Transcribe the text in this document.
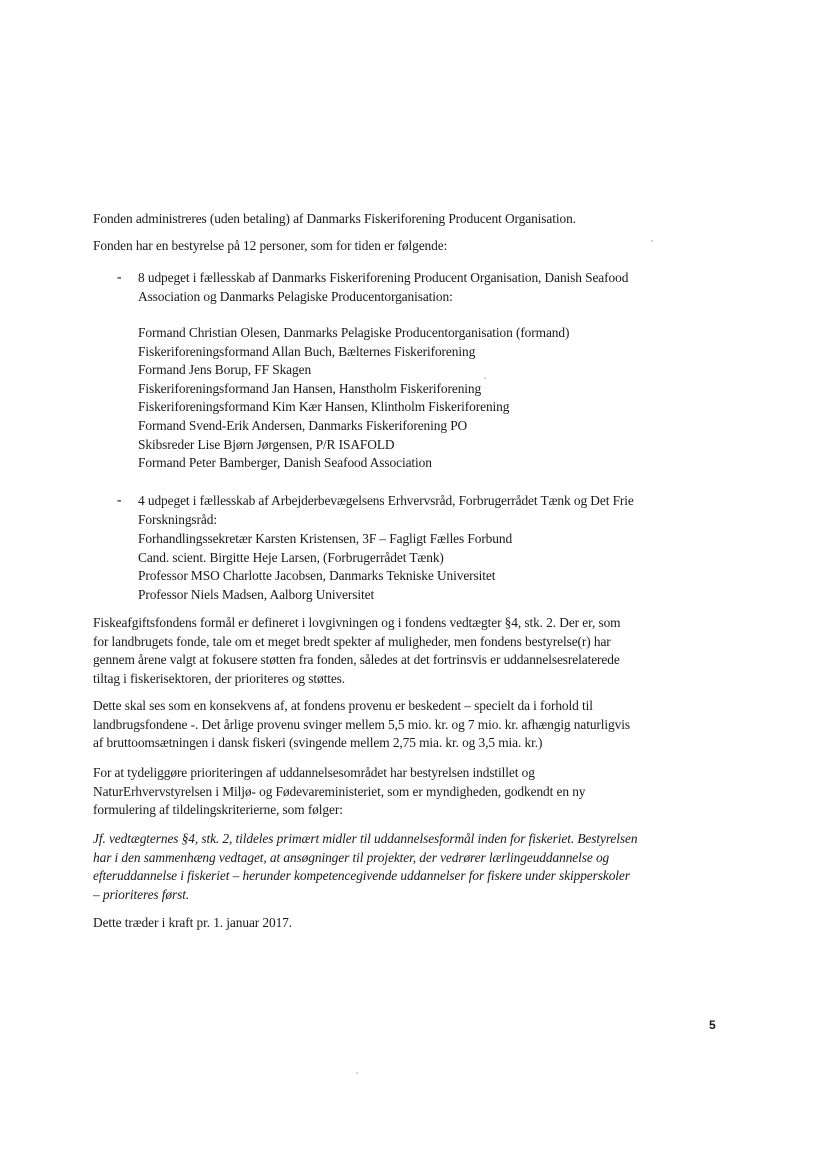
Fonden administreres (uden betaling) af Danmarks Fiskeriforening Producent Organisation.

Fonden har en bestyrelse på 12 personer, som for tiden er følgende:

- 8 udpeget i fællesskab af Danmarks Fiskeriforening Producent Organisation, Danish Seafood
Association og Danmarks Pelagiske Producentorganisation:

Formand Christian Olesen, Danmarks Pelagiske Producentorganisation (formand)
Fiskeriforeningsformand Allan Buch, Bælternes Fiskeriforening
Formand Jens Borup, FF Skagen
Fiskeriforeningsformand Jan Hansen, Hanstholm Fiskeriforening
Fiskeriforeningsformand Kim Kær Hansen, Klintholm Fiskeriforening
Formand Svend-Erik Andersen, Danmarks Fiskeriforening PO
Skibsreder Lise Bjørn Jørgensen, P/R ISAFOLD
Formand Peter Bamberger, Danish Seafood Association

- 4 udpeget i fællesskab af Arbejderbevægelsens Erhvervsråd, Forbrugerrådet Tænk og Det Frie
Forskningsråd:

Forhandlingssekretær Karsten Kristensen, 3F – Fagligt Fælles Forbund
Cand. scient. Birgitte Heje Larsen, (Forbrugerrådet Tænk)
Professor MSO Charlotte Jacobsen, Danmarks Tekniske Universitet
Professor Niels Madsen, Aalborg Universitet

Fiskeafgiftsfondens formål er defineret i lovgivningen og i fondens vedtægter §4, stk. 2. Der er, som
for landbrugets fonde, tale om et meget bredt spekter af muligheder, men fondens bestyrelse(r) har
gennem årene valgt at fokusere støtten fra fonden, således at det fortrinsvis er uddannelsesrelaterede
tiltag i fiskerisektoren, der prioriteres og støttes.

Dette skal ses som en konsekvens af, at fondens provenu er beskedent – specielt da i forhold til
landbrugsfondene -. Det årlige provenu svinger mellem 5,5 mio. kr. og 7 mio. kr. afhængig naturligvis
af bruttoomsætningen i dansk fiskeri (svingende mellem 2,75 mia. kr. og 3,5 mia. kr.)

For at tydeliggøre prioriteringen af uddannelsesområdet har bestyrelsen indstillet og
NaturErhvervstyrelsen i Miljø- og Fødevareministeriet, som er myndigheden, godkendt en ny
formulering af tildelingskriterierne, som følger:

Jf. vedtægternes §4, stk. 2, tildeles primært midler til uddannelsesformål inden for fiskeriet. Bestyrelsen
har i den sammenhæng vedtaget, at ansøgninger til projekter, der vedrører lærlingeuddannelse og
efteruddannelse i fiskeriet – herunder kompetencegivende uddannelser for fiskere under skipperskoler
– prioriteres først.

Dette træder i kraft pr. 1. januar 2017.

5
